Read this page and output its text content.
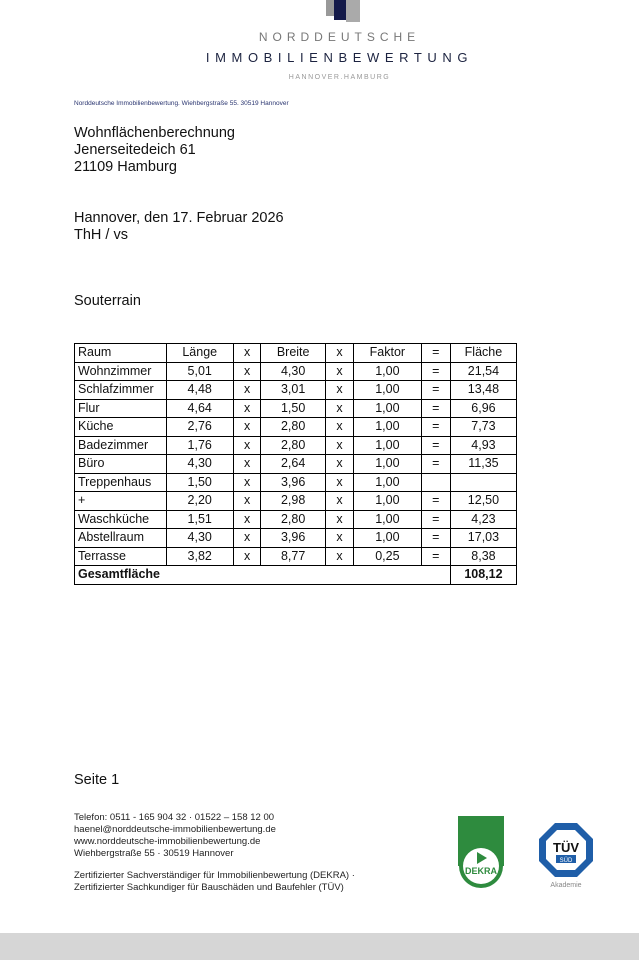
NORDDEUTSCHE
IMMOBILIENBEWERTUNG
HANNOVER.HAMBURG
Norddeutsche Immobilienbewertung. Wiehbergstraße 55. 30519 Hannover
Wohnflächenberechnung
Jenerseitedeich 61
21109 Hamburg
Hannover, den 17. Februar 2026
ThH / vs
Souterrain
Raum	Länge	x	Breite	x	Faktor	=	Fläche
Wohnzimmer	5,01	x	4,30	x	1,00	=	21,54
Schlafzimmer	4,48	x	3,01	x	1,00	=	13,48
Flur	4,64	x	1,50	x	1,00	=	6,96
Küche	2,76	x	2,80	x	1,00	=	7,73
Badezimmer	1,76	x	2,80	x	1,00	=	4,93
Büro	4,30	x	2,64	x	1,00	=	11,35
Treppenhaus	1,50	x	3,96	x	1,00		
+	2,20	x	2,98	x	1,00	=	12,50
Waschküche	1,51	x	2,80	x	1,00	=	4,23
Abstellraum	4,30	x	3,96	x	1,00	=	17,03
Terrasse	3,82	x	8,77	x	0,25	=	8,38
Gesamtfläche							108,12
Seite 1
Telefon: 0511 - 165 904 32 · 01522 – 158 12 00
haenel@norddeutsche-immobilienbewertung.de
www.norddeutsche-immobilienbewertung.de
Wiehbergstraße 55 · 30519 Hannover
Zertifizierter Sachverständiger für Immobilienbewertung (DEKRA) ·
Zertifizierter Sachkundiger für Bauschäden und Baufehler (TÜV)
DEKRA
TÜV
SÜD
Akademie
